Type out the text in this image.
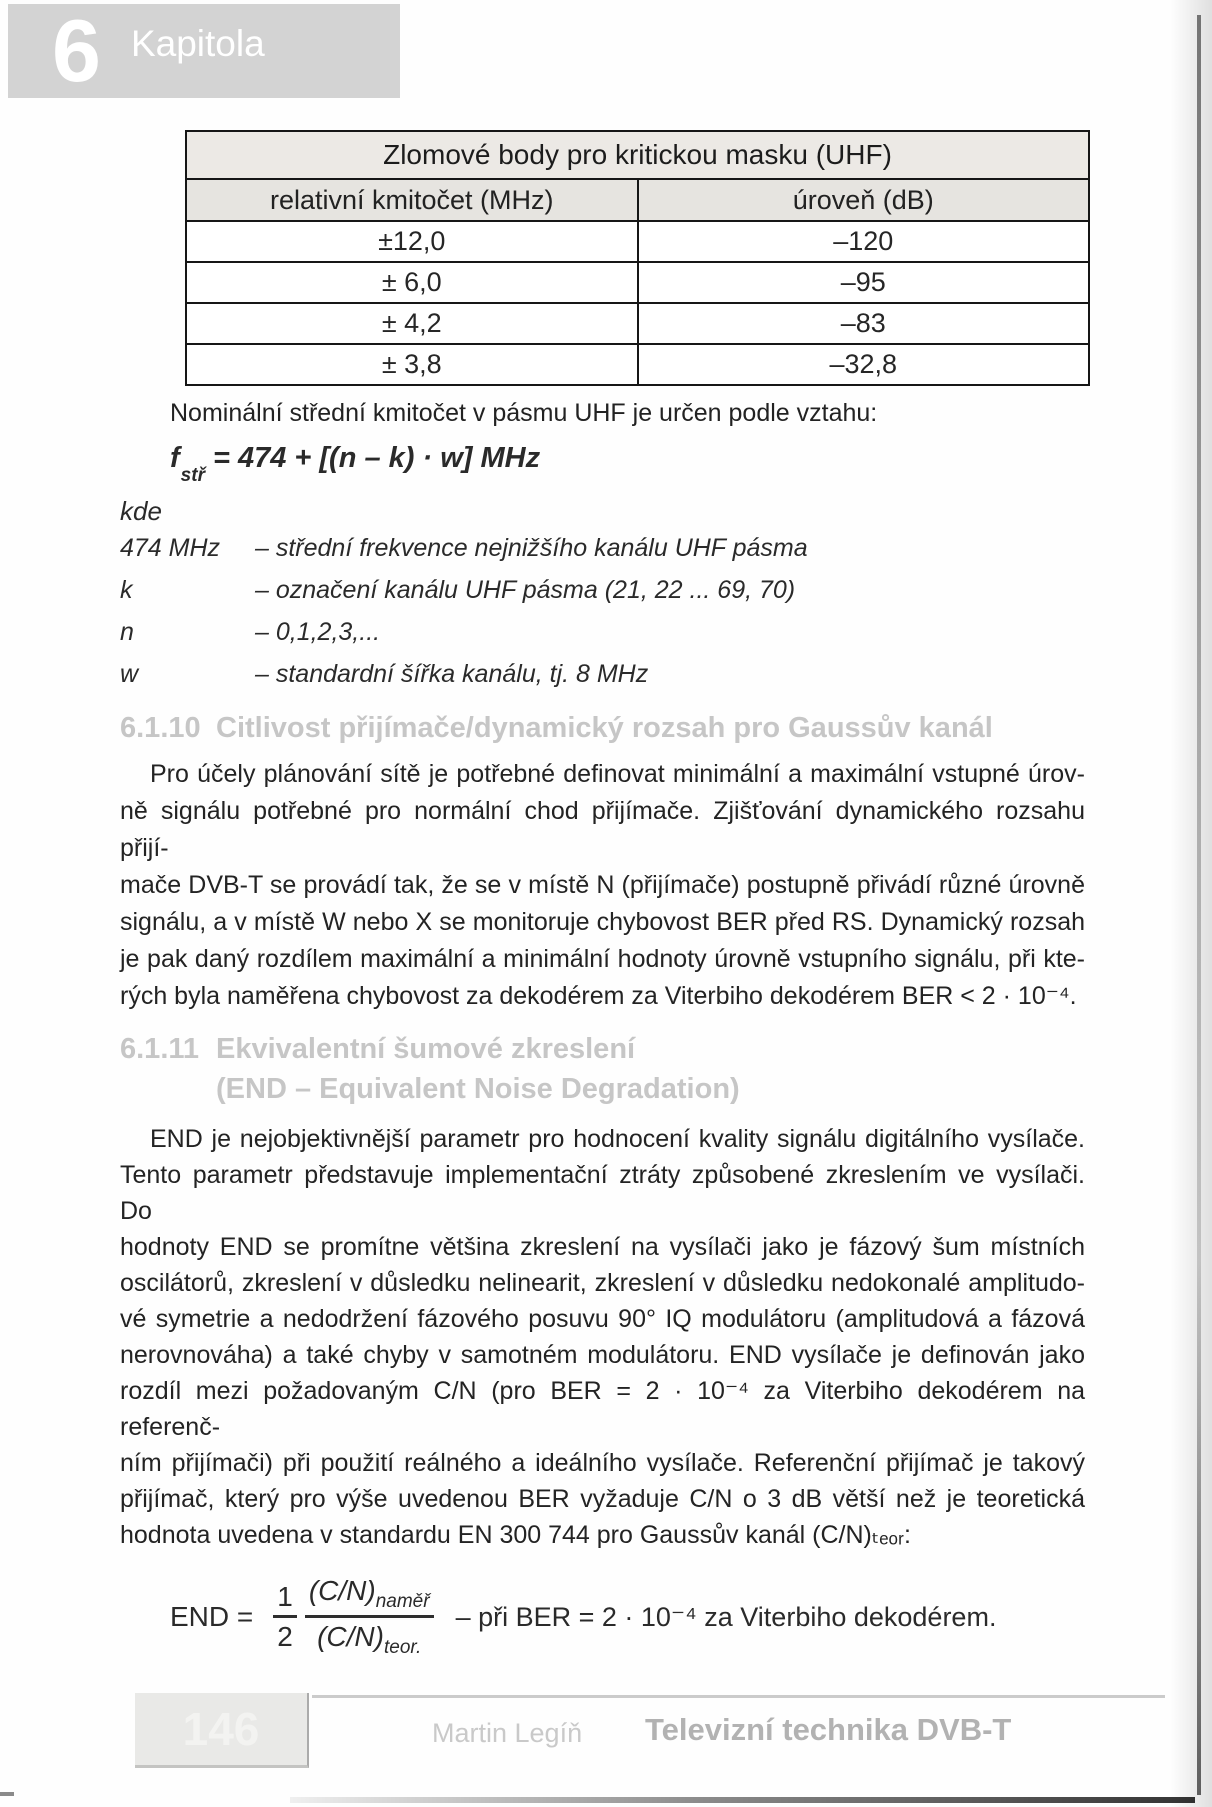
6 Kapitola
Zlomové body pro kritickou masku (UHF)	
relativní kmitočet (MHz)	úroveň (dB)
±12,0	–120
± 6,0	–95
± 4,2	–83
± 3,8	–32,8
Nominální střední kmitočet v pásmu UHF je určen podle vztahu:
$f_{stř}= 474 + [(n - k) \cdot w]$ MHz
kde
474 MHz	– střední frekvence nejnižšího kanálu UHF pásma
k	– označení kanálu UHF pásma (21, 22 ... 69, 70)
n	– 0,1,2,3,...
w	– standardní šířka kanálu, tj. 8 MHz
6.1.10 Citlivost přijímače/dynamický rozsah pro Gaussův kanál
Pro účely plánování sítě je potřebné definovat minimální a maximální vstupné úrov-
ně signálu potřebné pro normální chod přijímače. Zjišťování dynamického rozsahu přijí-
mače DVB-T se provádí tak, že se v místě N (přijímače) postupně přivádí různé úrovně
signálu, a v místě W nebo X se monitoruje chybovost BER před RS. Dynamický rozsah
je pak daný rozdílem maximální a minimální hodnoty úrovně vstupního signálu, při kte-
rých byla naměřena chybovost za dekodérem za Viterbiho dekodérem BER < 2 · 10⁻⁴.
6.1.11 Ekvivalentní šumové zkreslení
(END – Equivalent Noise Degradation)
END je nejobjektivnější parametr pro hodnocení kvality signálu digitálního vysílače.
Tento parametr představuje implementační ztráty způsobené zkreslením ve vysílači. Do
hodnoty END se promítne většina zkreslení na vysílači jako je fázový šum místních
oscilátorů, zkreslení v důsledku nelinearit, zkreslení v důsledku nedokonalé amplitudo-
vé symetrie a nedodržení fázového posuvu 90° IQ modulátoru (amplitudová a fázová
nerovnováha) a také chyby v samotném modulátoru. END vysílače je definován jako
rozdíl mezi požadovaným C/N (pro BER = 2 · 10⁻⁴ za Viterbiho dekodérem na referenč-
ním přijímači) při použití reálného a ideálního vysílače. Referenční přijímač je takový
přijímač, který pro výše uvedenou BER vyžaduje C/N o 3 dB větší než je teoretická
hodnota uvedena v standardu EN 300 744 pro Gaussův kanál (C/N)ₜₑₒᵣ:
END = $\frac{1}{2} \frac{(C/N)_{naměř}}{(C/N)_{teor.}}$ – při BER = 2 · 10⁻⁴ za Viterbiho dekodérem.
146	Martin Legíň Televizní technika DVB-T
